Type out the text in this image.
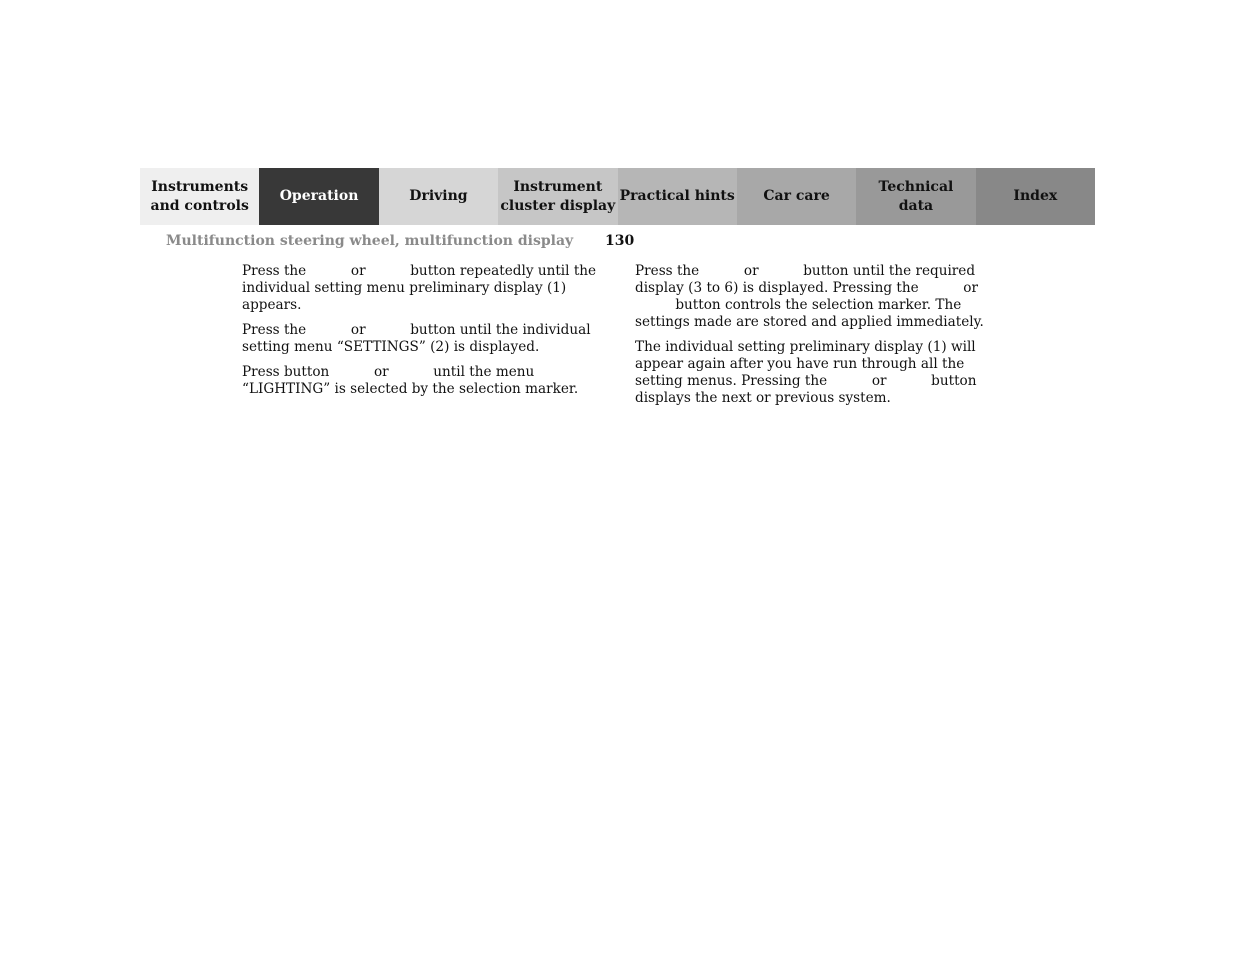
Instruments
and controls
Operation	Driving
Instrument
cluster display
Practical hints	Car care
Technical
data
Index
Multifunction steering wheel, multifunction display 130

Press the	or	button repeatedly until the individual setting menu preliminary display (1) appears.

Press the	or	button until the individual setting menu “SETTINGS” (2) is displayed.

Press button	or	until the menu “LIGHTING” is selected by the selection marker.

Press the	or	button until the required display (3 to 6) is displayed. Pressing the	or  button controls the selection marker. The settings made are stored and applied immediately.

The individual setting preliminary display (1) will appear again after you have run through all the setting menus. Pressing the	or	button displays the next or previous system.
